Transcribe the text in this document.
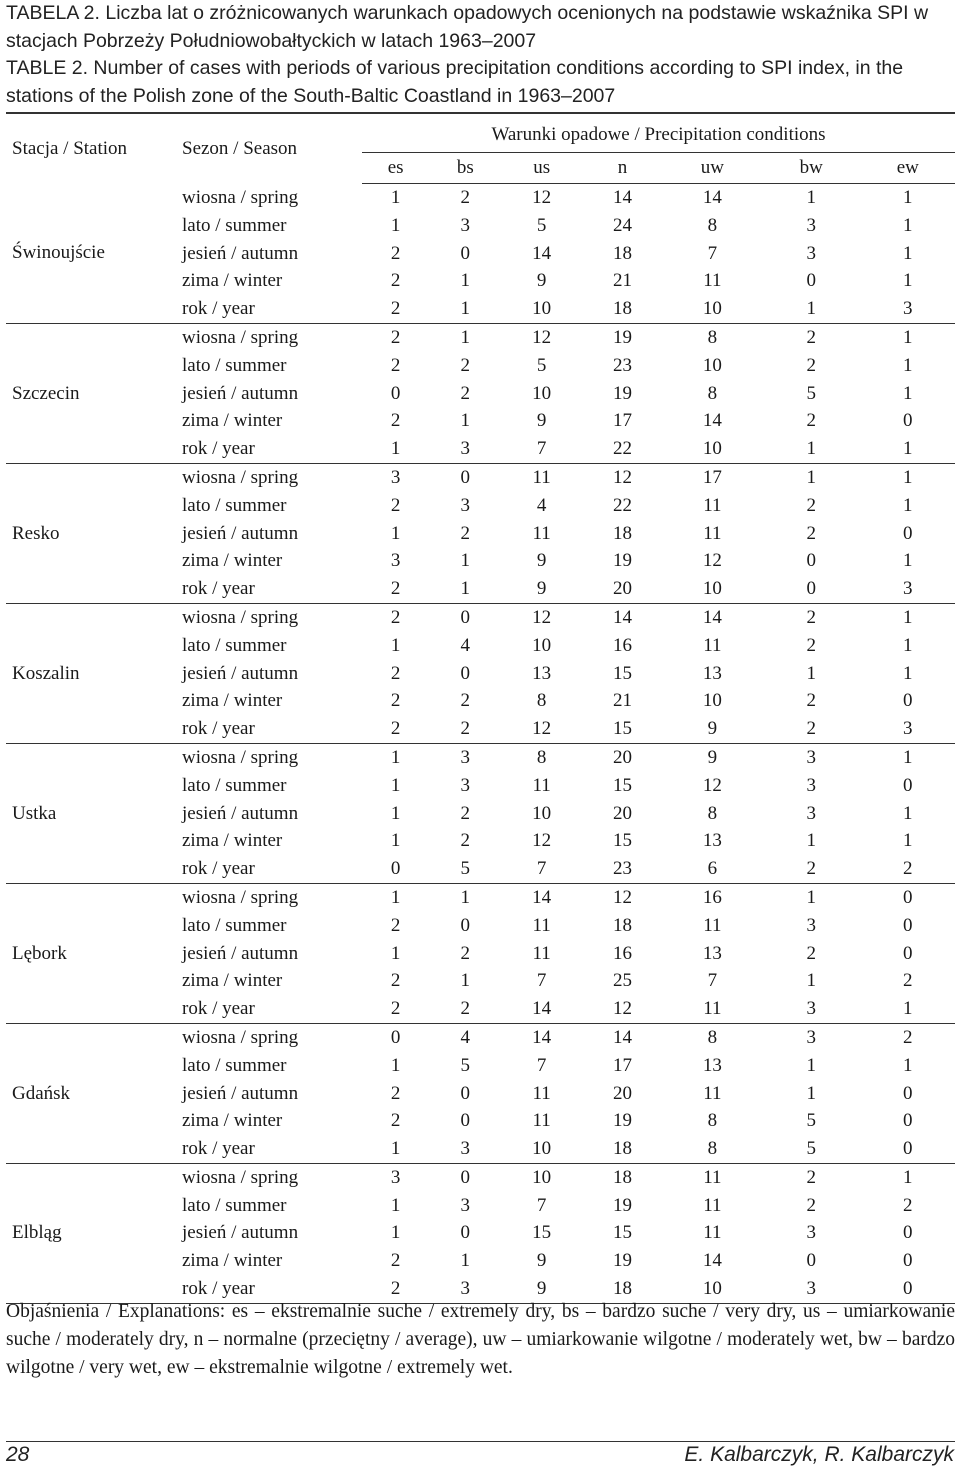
TABELA 2. Liczba lat o zróżnicowanych warunkach opadowych ocenionych na podstawie wskaźnika SPI w stacjach Pobrzeży Południowobałtyckich w latach 1963–2007
TABLE 2. Number of cases with periods of various precipitation conditions according to SPI index, in the stations of the Polish zone of the South-Baltic Coastland in 1963–2007
Stacja / Station	Sezon / Season	Warunki opadowe / Precipitation conditions						
		es	bs	us	n	uw	bw	ew
Świnoujście	wiosna / spring	1	2	12	14	14	1	1
	lato / summer	1	3	5	24	8	3	1
	jesień / autumn	2	0	14	18	7	3	1
	zima / winter	2	1	9	21	11	0	1
	rok / year	2	1	10	18	10	1	3
Szczecin	wiosna / spring	2	1	12	19	8	2	1
	lato / summer	2	2	5	23	10	2	1
	jesień / autumn	0	2	10	19	8	5	1
	zima / winter	2	1	9	17	14	2	0
	rok / year	1	3	7	22	10	1	1
Resko	wiosna / spring	3	0	11	12	17	1	1
	lato / summer	2	3	4	22	11	2	1
	jesień / autumn	1	2	11	18	11	2	0
	zima / winter	3	1	9	19	12	0	1
	rok / year	2	1	9	20	10	0	3
Koszalin	wiosna / spring	2	0	12	14	14	2	1
	lato / summer	1	4	10	16	11	2	1
	jesień / autumn	2	0	13	15	13	1	1
	zima / winter	2	2	8	21	10	2	0
	rok / year	2	2	12	15	9	2	3
Ustka	wiosna / spring	1	3	8	20	9	3	1
	lato / summer	1	3	11	15	12	3	0
	jesień / autumn	1	2	10	20	8	3	1
	zima / winter	1	2	12	15	13	1	1
	rok / year	0	5	7	23	6	2	2
Lębork	wiosna / spring	1	1	14	12	16	1	0
	lato / summer	2	0	11	18	11	3	0
	jesień / autumn	1	2	11	16	13	2	0
	zima / winter	2	1	7	25	7	1	2
	rok / year	2	2	14	12	11	3	1
Gdańsk	wiosna / spring	0	4	14	14	8	3	2
	lato / summer	1	5	7	17	13	1	1
	jesień / autumn	2	0	11	20	11	1	0
	zima / winter	2	0	11	19	8	5	0
	rok / year	1	3	10	18	8	5	0
Elbląg	wiosna / spring	3	0	10	18	11	2	1
	lato / summer	1	3	7	19	11	2	2
	jesień / autumn	1	0	15	15	11	3	0
	zima / winter	2	1	9	19	14	0	0
	rok / year	2	3	9	18	10	3	0
Objaśnienia / Explanations: es – ekstremalnie suche / extremely dry, bs – bardzo suche / very dry, us – umiarkowanie suche / moderately dry, n – normalne (przeciętny / average), uw – umiarkowanie wilgotne / moderately wet, bw – bardzo wilgotne / very wet, ew – ekstremalnie wilgotne / extremely wet.
28	E. Kalbarczyk, R. Kalbarczyk
